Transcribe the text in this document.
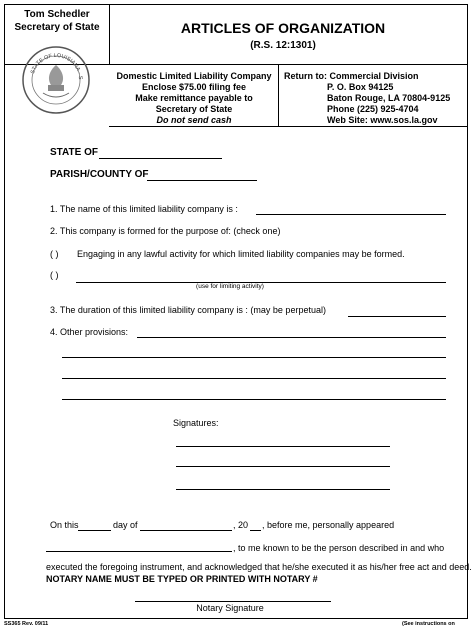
Tom Schedler
Secretary of State
STATE OF LOUISIANA · S
ARTICLES OF ORGANIZATION
(R.S. 12:1301)
Domestic Limited Liability Company
Enclose $75.00 filing fee
Make remittance payable to
Secretary of State
Do not send cash
Return to: Commercial Division
P. O. Box 94125
Baton Rouge, LA 70804-9125
Phone (225) 925-4704
Web Site: www.sos.la.gov
STATE OF
PARISH/COUNTY OF
1. The name of this limited liability company is :
2. This company is formed for the purpose of: (check one)
( ) Engaging in any lawful activity for which limited liability companies may be formed.
( )
(use for limiting activity)
3. The duration of this limited liability company is : (may be perpetual)
4. Other provisions:
Signatures:
On this	day of	, 20 , before me, personally appeared
, to me known to be the person described in and who
executed the foregoing instrument, and acknowledged that he/she executed it as his/her free act and deed.
NOTARY NAME MUST BE TYPED OR PRINTED WITH NOTARY #
Notary Signature
SS365 Rev. 09/11	(See instructions on
